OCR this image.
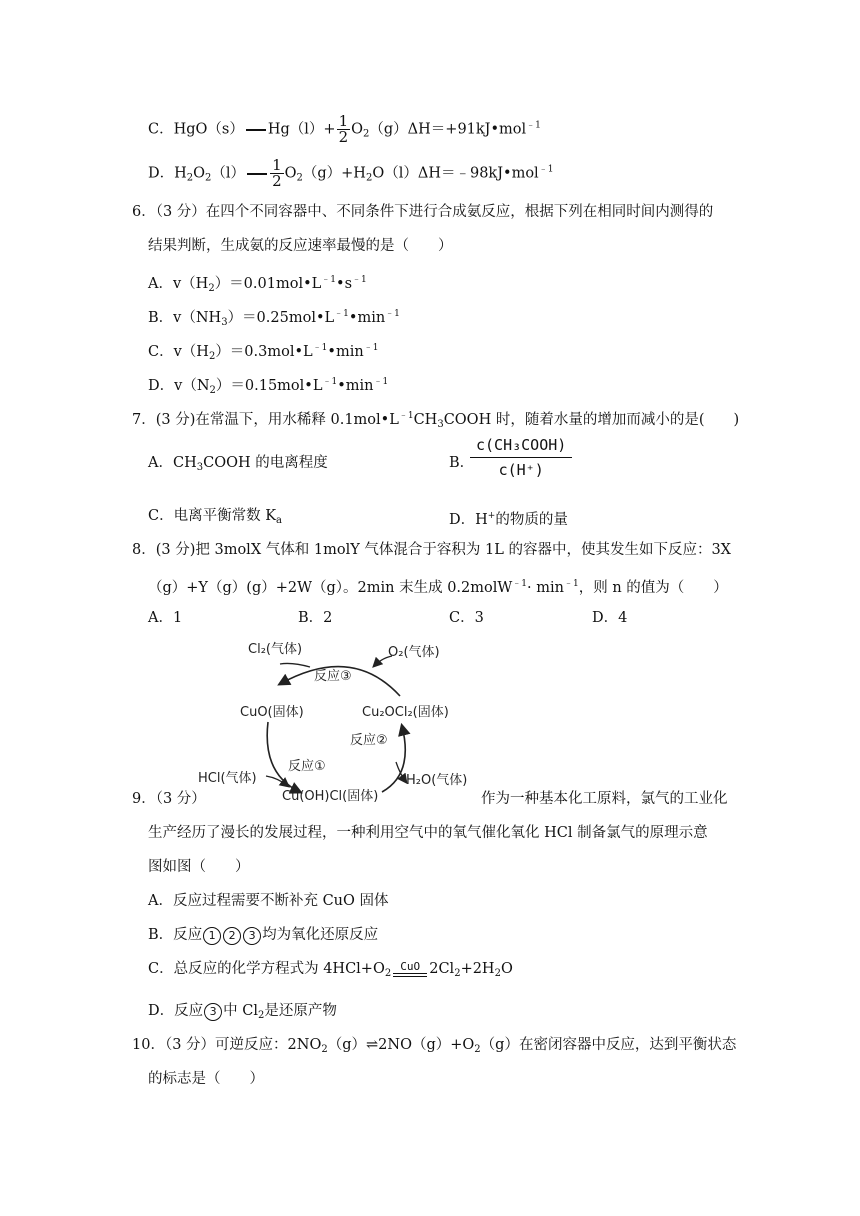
C．HgO（s） $Hg(l)+ \frac{1}{2}$ $O_2(g)\Delta H=+91kJ•mol^{﹣1}$
D．$H_2O_2(l) \frac{1}{2}$ $O_2(g)+H_2O(l)\Delta H=﹣98kJ•mol^{﹣1}$
6．（3 分）在四个不同容器中、不同条件下进行合成氨反应，根据下列在相同时间内测得的
结果判断，生成氨的反应速率最慢的是（　　）
A．$v(H_2)=0.01mol•L^{﹣1}•s^{﹣1}$
B．$v(NH_3)=0.25mol•L^{﹣1}•\min^{﹣1}$
C．$v(H_2)=0.3mol•L^{﹣1}•\min^{﹣1}$
D．$v(N_2)=0.15mol•L^{﹣1}•\min^{﹣1}$
7．(3 分)在常温下，用水稀释 $0.1mol•L^{﹣1}CH_3COOH$ 时，随着水量的增加而减小的是(　　)
A．$CH_3COOH$ 的电离程度	B．
c(CH₃COOH)
c(H⁺)
C．电离平衡常数 $K_a$	D．H+的物质的量
8．(3 分)把 3molX 气体和 1molY 气体混合于容积为 1L 的容器中，使其发生如下反应：3X
（g）+Y（g）(g）+2W（g）。2min 末生成 0.2molW$^{﹣1}$· $\min^{﹣1}$，则 n 的值为（　　）
A．1	B．2	C．3	D．4
Cl₂(气体)	O₂(气体)
反应③
CuO(固体)	Cu₂OCl₂(固体)
反应②
反应①
HCl(气体)	H₂O(气体)
Cu(OH)Cl(固体)
9．（3 分）	作为一种基本化工原料，氯气的工业化
生产经历了漫长的发展过程，一种利用空气中的氧气催化氧化 HCl 制备氯气的原理示意
图如图（　　）
A．反应过程需要不断补充 CuO 固体
B．反应 1 2 3 均为氧化还原反应
C．总反应的化学方程式为 $4HCl+O_2$
CuO $2Cl_2+2H_2O$
D．反应 3 中 $Cl_2$是还原产物
10．（3 分）可逆反应：$2NO_2(g)\rightleftharpoons 2NO(g)+O_2(g)$在密闭容器中反应，达到平衡状态
的标志是（　　）
